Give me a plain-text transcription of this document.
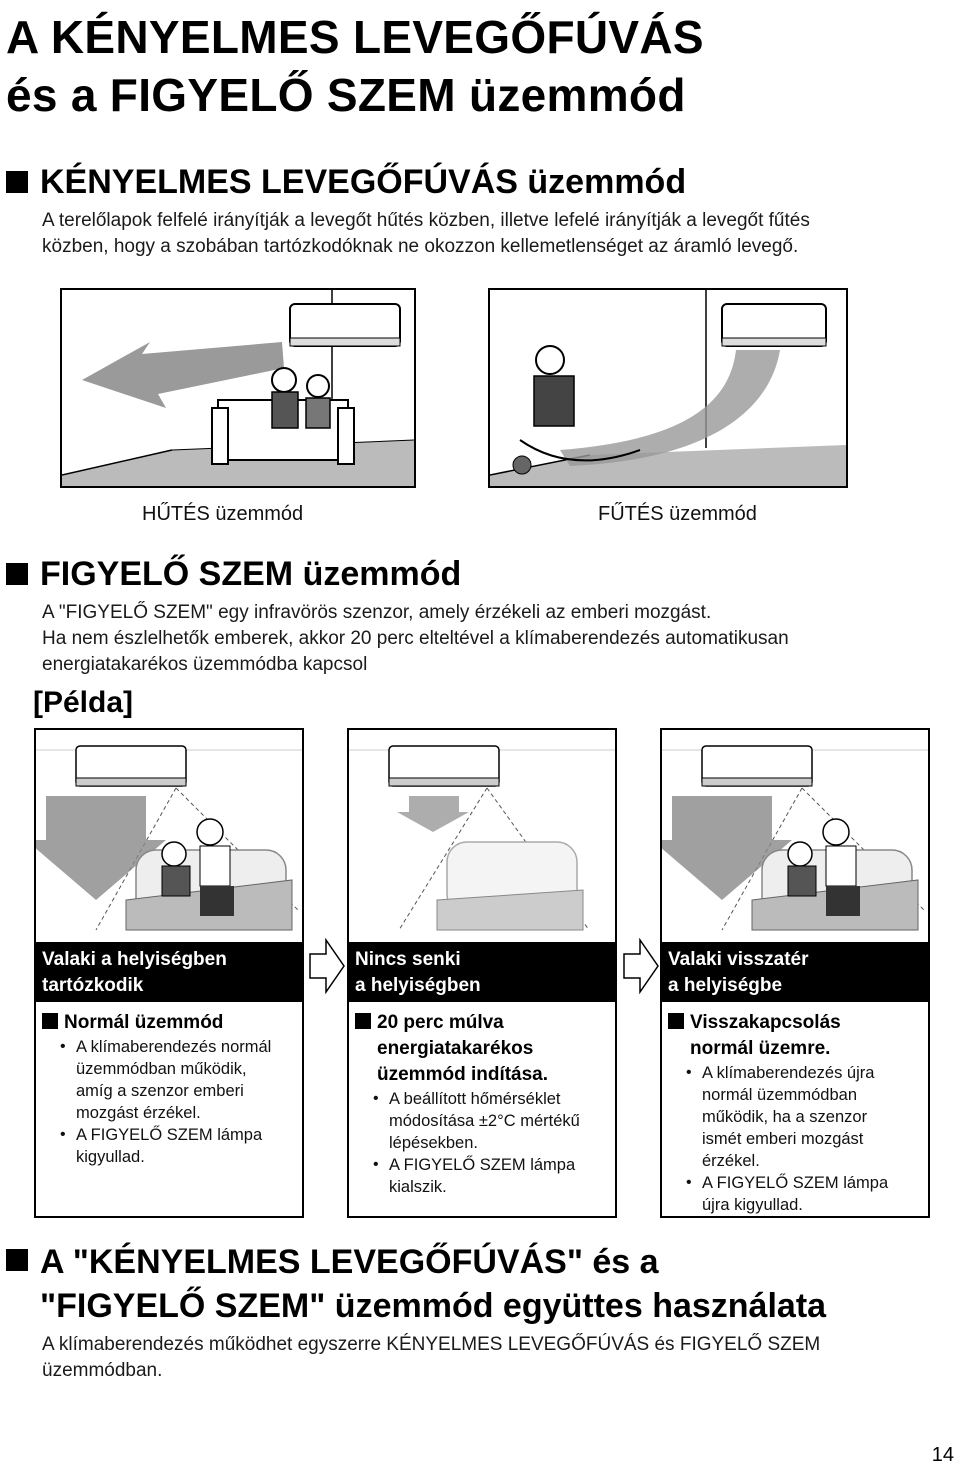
A KÉNYELMES LEVEGŐFÚVÁS
és a FIGYELŐ SZEM üzemmód
KÉNYELMES LEVEGŐFÚVÁS üzemmód
A terelőlapok felfelé irányítják a levegőt hűtés közben, illetve lefelé irányítják a levegőt fűtés
közben, hogy a szobában tartózkodóknak ne okozzon kellemetlenséget az áramló levegő.
HŰTÉS üzemmód	FŰTÉS üzemmód
FIGYELŐ SZEM üzemmód
A "FIGYELŐ SZEM" egy infravörös szenzor, amely érzékeli az emberi mozgást.
Ha nem észlelhetők emberek, akkor 20 perc elteltével a klímaberendezés automatikusan
energiatakarékos üzemmódba kapcsol
[Példa]
Valaki a helyiségben
tartózkodik
Normál üzemmód
• A klímaberendezés normál
üzemmódban működik,
amíg a szenzor emberi
mozgást érzékel.
• A FIGYELŐ SZEM lámpa
kigyullad.
Nincs senki
a helyiségben
20 perc múlva
energiatakarékos
üzemmód indítása.
• A beállított hőmérséklet
módosítása ±2°C mértékű
lépésekben.
• A FIGYELŐ SZEM lámpa
kialszik.
Valaki visszatér
a helyiségbe
Visszakapcsolás
normál üzemre.
• A klímaberendezés újra
normál üzemmódban
működik, ha a szenzor
ismét emberi mozgást
érzékel.
• A FIGYELŐ SZEM lámpa
újra kigyullad.
A "KÉNYELMES LEVEGŐFÚVÁS" és a
"FIGYELŐ SZEM" üzemmód együttes használata
A klímaberendezés működhet egyszerre KÉNYELMES LEVEGŐFÚVÁS és FIGYELŐ SZEM
üzemmódban.
14
